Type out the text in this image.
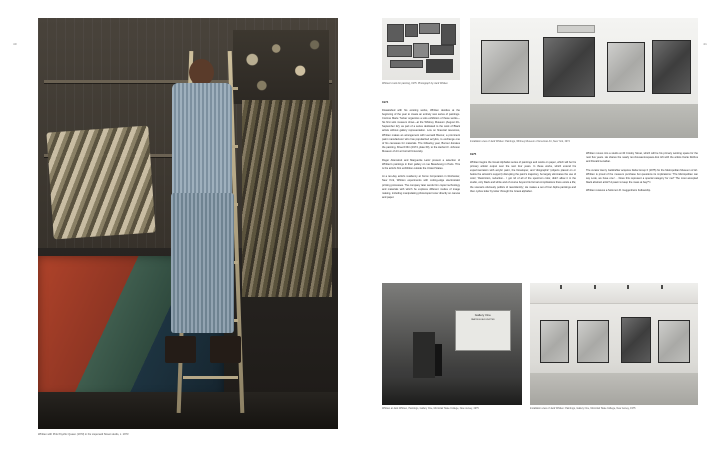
40
Whitten with Pink Psychic Queen (1973) in his Lispenard Street studio, c. 1973
41
Whitten's tools for painting, 1975. Photograph by Jack Whitten
Installation view of Jack Whitten: Paintings, Whitney Museum of American Art, New York, 1974

1974

Dissatisfied with his existing works, Whitten decides at the beginning of the year to create an entirely new series of paintings. Corinne Marie Tucker organizes a solo exhibition of these works—his first solo museum show—at the Whitney Museum (August 20–September 22), as part of a series dedicated to the work of Black artists without gallery representation. Low on financial resources, Whitten makes an arrangement with Leonard Bocour, a prominent paint manufacturer who has popularized acrylics, to exchange one of his canvases for materials. The following year, Bocour donates the painting, Khee'd Dbn (1974, plate 60), to the Herbert F. Johnson Museum of Art at Cornell University.

Roger Altenstreit and Marguerite Lainz present a selection of Whitten's paintings in their gallery on rue Beaubourg in Paris. This is the artist's first exhibition outside the United States.

At a ten-day artist's residency at Xerox Corporation in Rochester, New York, Whitten experiments with cutting-edge electrostatic printing processes. The company later sends him copier technology and materials with which he explores different modes of image making, including manipulating photocopier toner directly on canvas and paper.

1975

Whitten begins the Greek Alphabet series of paintings and works on paper, which will be his primary artistic output over the next four years. In these works, which extend his experimentation with acrylic paint, the Developer, and 'idiographic' (objects placed on or below the artwork's support) disrupting the paint's trajectory, he largely eliminates the use of color; 'Restriction, reduction... I got rid of all of the spectrum color, didn't allow it in the studio, only black and white and of course beyond its formal complications there exists a life; the scenario obviously politics of race/identity,' He makes a set of four Alpha paintings and then cycles letter by letter through the Greek alphabet.

Whitten moves into a studio at 40 Crosby Street, which will be his primary working space for the next five years. He shares the nearly ten-thousand-square-foot loft with the artists Kazie Rothos and Donald Lenahan.

The curator Henry Geldzahler acquires Delta Group II (1975) for the Metropolitan Museum of Art. Whitten is proud of the museum purchase but questions its implications: 'The Metropolitan can say Look, we have one! ... Does this represent a special category for me? The most accepted black abstract artist? A pawn to keep the mass at bay?'²¹

Whitten receives a Solomon R. Guggenheim Fellowship.

Gallery One
PAINTINGS JACK WHITTEN
Whitten at Jack Whitten, Paintings, Gallery One, Montclair State College, New Jersey, 1975	Installation view of Jack Whitten: Paintings, Gallery One, Montclair State College, New Jersey, 1975
